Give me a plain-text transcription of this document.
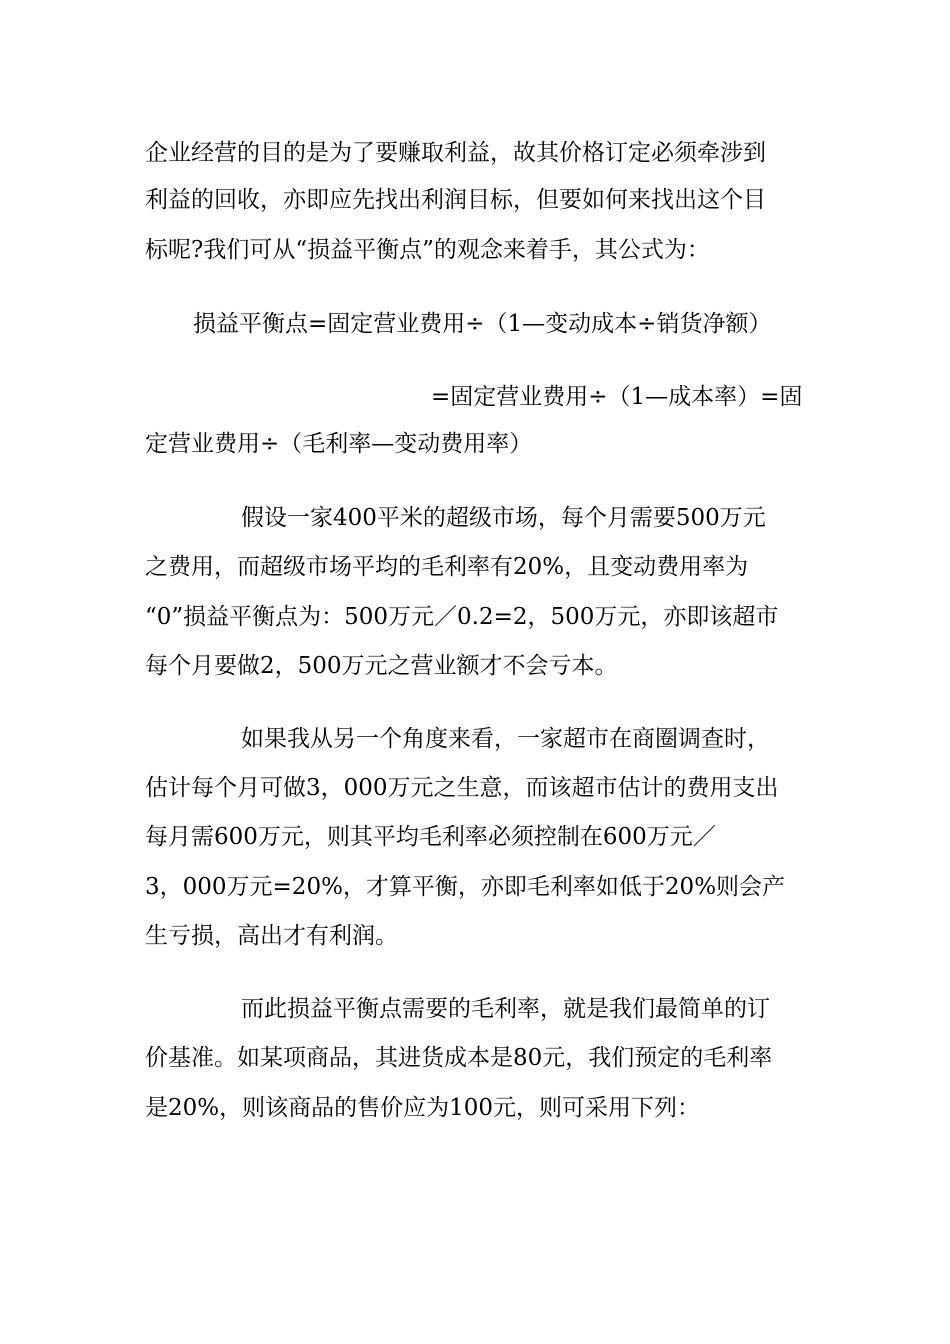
企业经营的目的是为了要赚取利益，故其价格订定必须牵涉到
利益的回收，亦即应先找出利润目标，但要如何来找出这个目
标呢?我们可从“损益平衡点”的观念来着手，其公式为：
损益平衡点=固定营业费用÷（1—变动成本÷销货净额）
=固定营业费用÷（1—成本率）=固
定营业费用÷（毛利率—变动费用率）
假设一家400平米的超级市场，每个月需要500万元
之费用，而超级市场平均的毛利率有20%，且变动费用率为
“0”损益平衡点为：500万元／0.2=2，500万元，亦即该超市
每个月要做2，500万元之营业额才不会亏本。
如果我从另一个角度来看，一家超市在商圈调查时，
估计每个月可做3，000万元之生意，而该超市估计的费用支出
每月需600万元，则其平均毛利率必须控制在600万元／
3，000万元=20%，才算平衡，亦即毛利率如低于20%则会产
生亏损，高出才有利润。
而此损益平衡点需要的毛利率，就是我们最简单的订
价基准。如某项商品，其进货成本是80元，我们预定的毛利率
是20%，则该商品的售价应为100元，则可采用下列：
